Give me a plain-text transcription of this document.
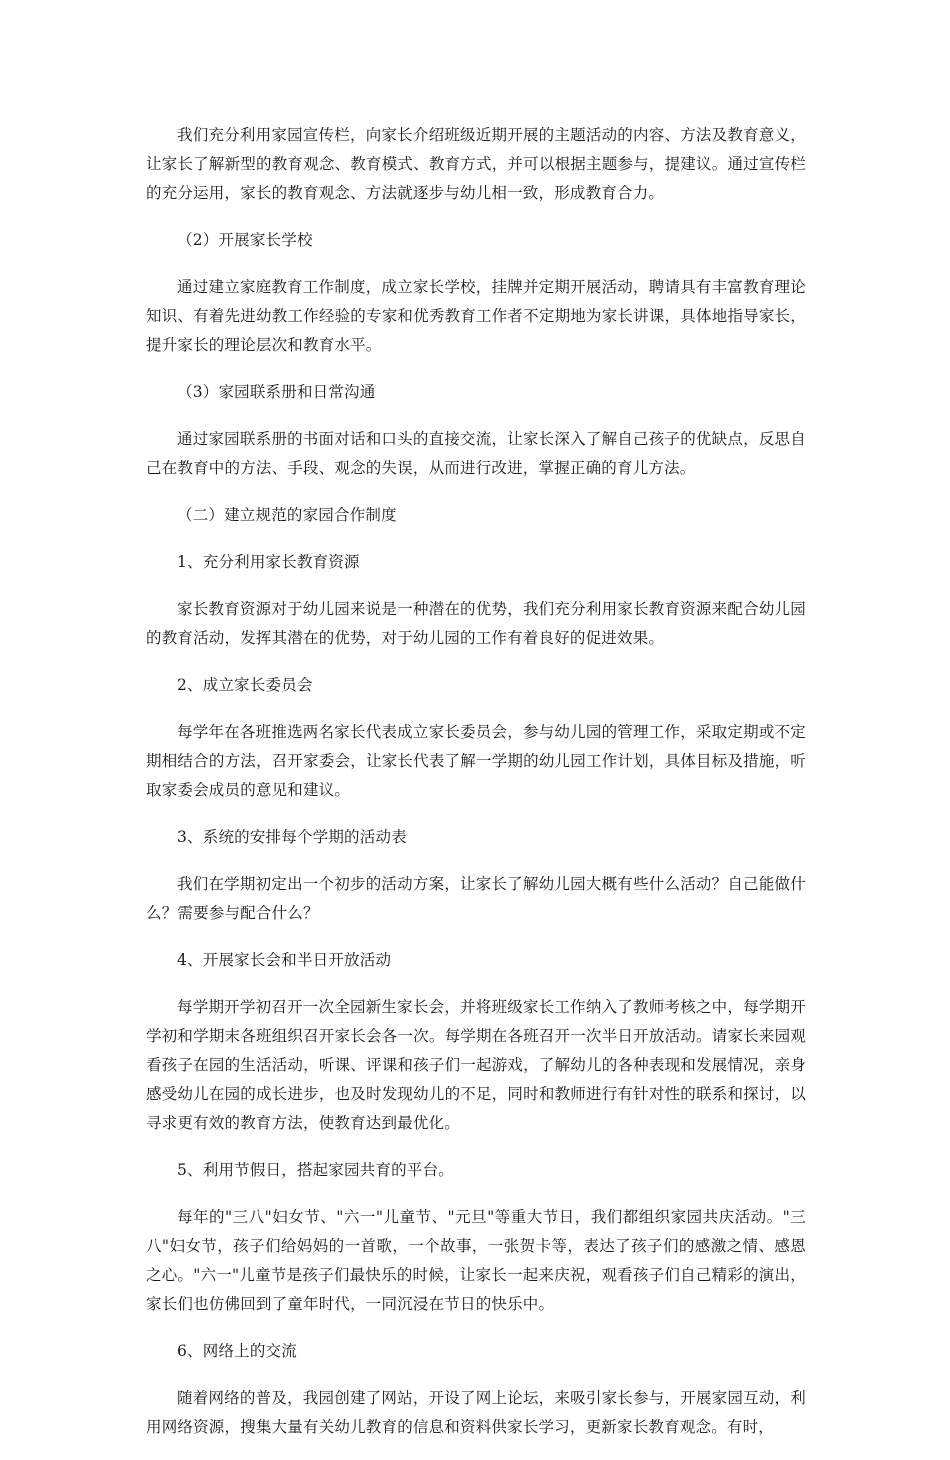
我们充分利用家园宣传栏，向家长介绍班级近期开展的主题活动的内容、方法及教育意义，让家长了解新型的教育观念、教育模式、教育方式，并可以根据主题参与，提建议。通过宣传栏的充分运用，家长的教育观念、方法就逐步与幼儿相一致，形成教育合力。

（2）开展家长学校

通过建立家庭教育工作制度，成立家长学校，挂牌并定期开展活动，聘请具有丰富教育理论知识、有着先进幼教工作经验的专家和优秀教育工作者不定期地为家长讲课，具体地指导家长，提升家长的理论层次和教育水平。

（3）家园联系册和日常沟通

通过家园联系册的书面对话和口头的直接交流，让家长深入了解自己孩子的优缺点，反思自己在教育中的方法、手段、观念的失误，从而进行改进，掌握正确的育儿方法。

（二）建立规范的家园合作制度

1、充分利用家长教育资源

家长教育资源对于幼儿园来说是一种潜在的优势，我们充分利用家长教育资源来配合幼儿园的教育活动，发挥其潜在的优势，对于幼儿园的工作有着良好的促进效果。

2、成立家长委员会

每学年在各班推选两名家长代表成立家长委员会，参与幼儿园的管理工作，采取定期或不定期相结合的方法，召开家委会，让家长代表了解一学期的幼儿园工作计划，具体目标及措施，听取家委会成员的意见和建议。

3、系统的安排每个学期的活动表

我们在学期初定出一个初步的活动方案，让家长了解幼儿园大概有些什么活动？自己能做什么？需要参与配合什么？

4、开展家长会和半日开放活动

每学期开学初召开一次全园新生家长会，并将班级家长工作纳入了教师考核之中，每学期开学初和学期末各班组织召开家长会各一次。每学期在各班召开一次半日开放活动。请家长来园观看孩子在园的生活活动，听课、评课和孩子们一起游戏，了解幼儿的各种表现和发展情况，亲身感受幼儿在园的成长进步，也及时发现幼儿的不足，同时和教师进行有针对性的联系和探讨，以寻求更有效的教育方法，使教育达到最优化。

5、利用节假日，搭起家园共育的平台。

每年的"三八"妇女节、"六一"儿童节、"元旦"等重大节日，我们都组织家园共庆活动。"三八"妇女节，孩子们给妈妈的一首歌，一个故事，一张贺卡等，表达了孩子们的感激之情、感恩之心。"六一"儿童节是孩子们最快乐的时候，让家长一起来庆祝，观看孩子们自己精彩的演出，家长们也仿佛回到了童年时代，一同沉浸在节日的快乐中。

6、网络上的交流

随着网络的普及，我园创建了网站，开设了网上论坛，来吸引家长参与，开展家园互动，利用网络资源，搜集大量有关幼儿教育的信息和资料供家长学习，更新家长教育观念。有时，
